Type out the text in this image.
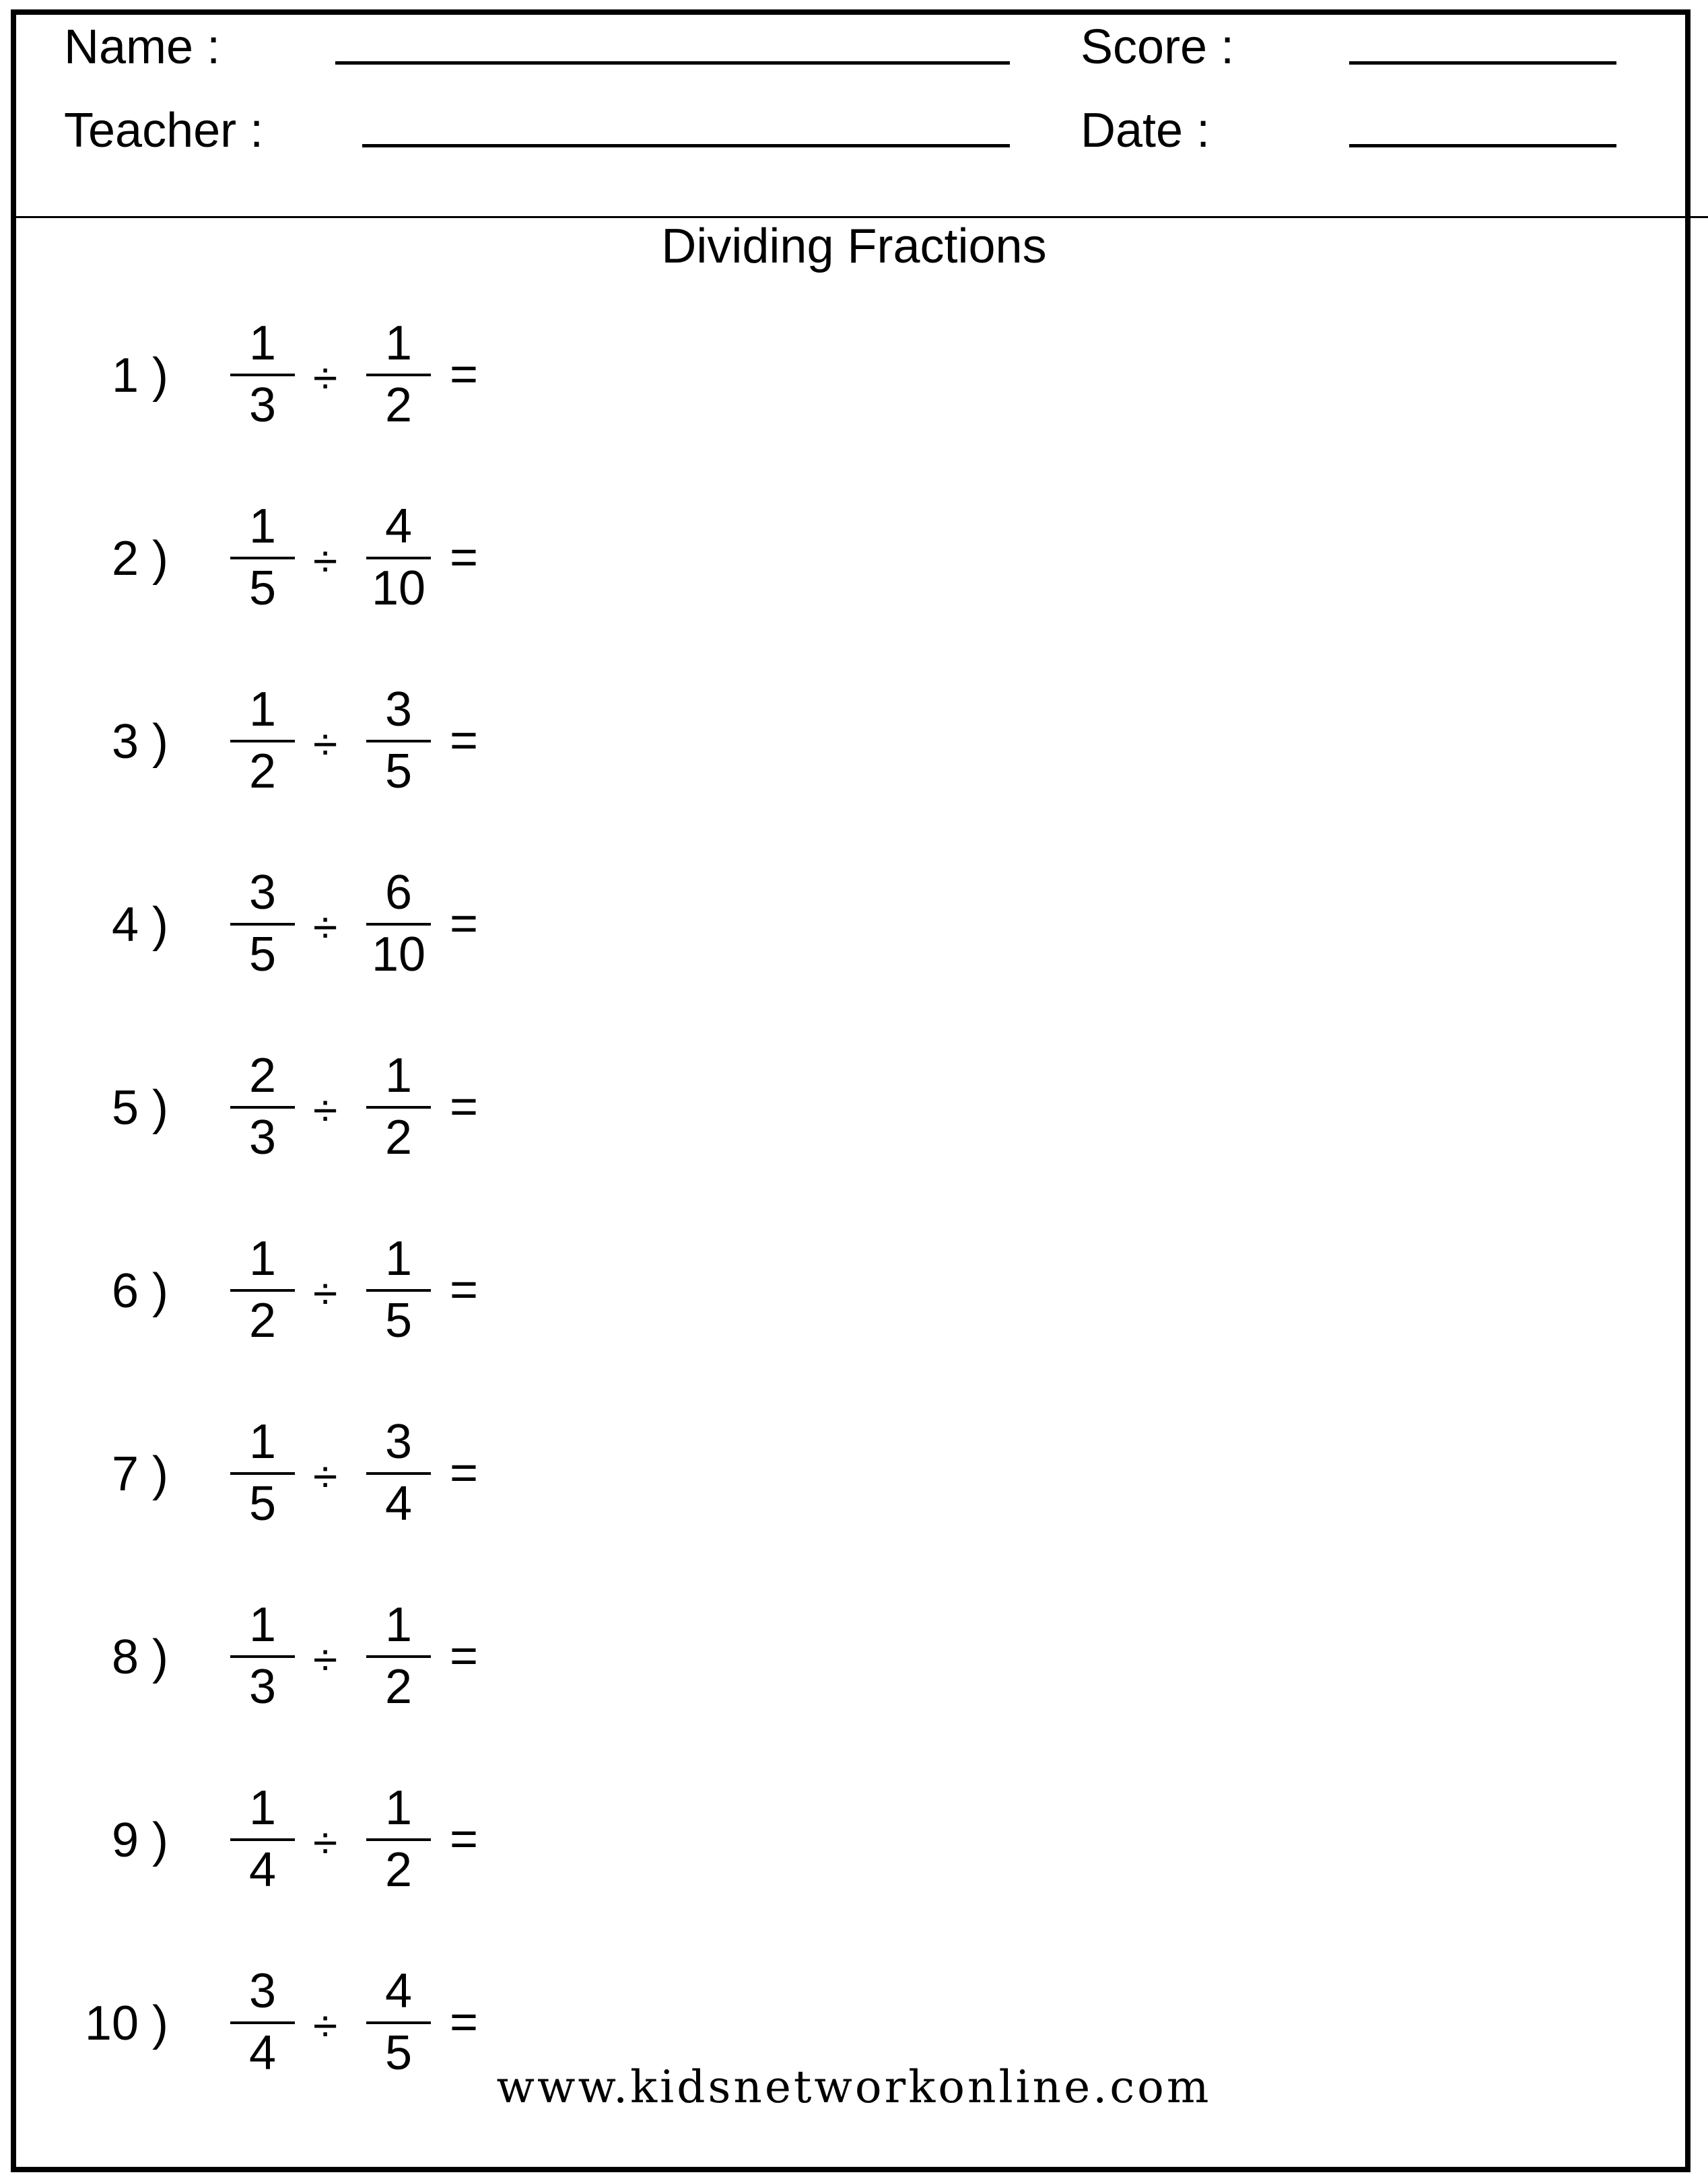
Name :	Score :
Teacher :	Date :
Dividing Fractions
1 )
1
3
÷
1
2
=
2 )
1
5
÷
4
10
=
3 )
1
2
÷
3
5
=
4 )
3
5
÷
6
10
=
5 )
2
3
÷
1
2
=
6 )
1
2
÷
1
5
=
7 )
1
5
÷
3
4
=
8 )
1
3
÷
1
2
=
9 )
1
4
÷
1
2
=
10 )
3
4
÷
4
5
=
www.kidsnetworkonline.com
